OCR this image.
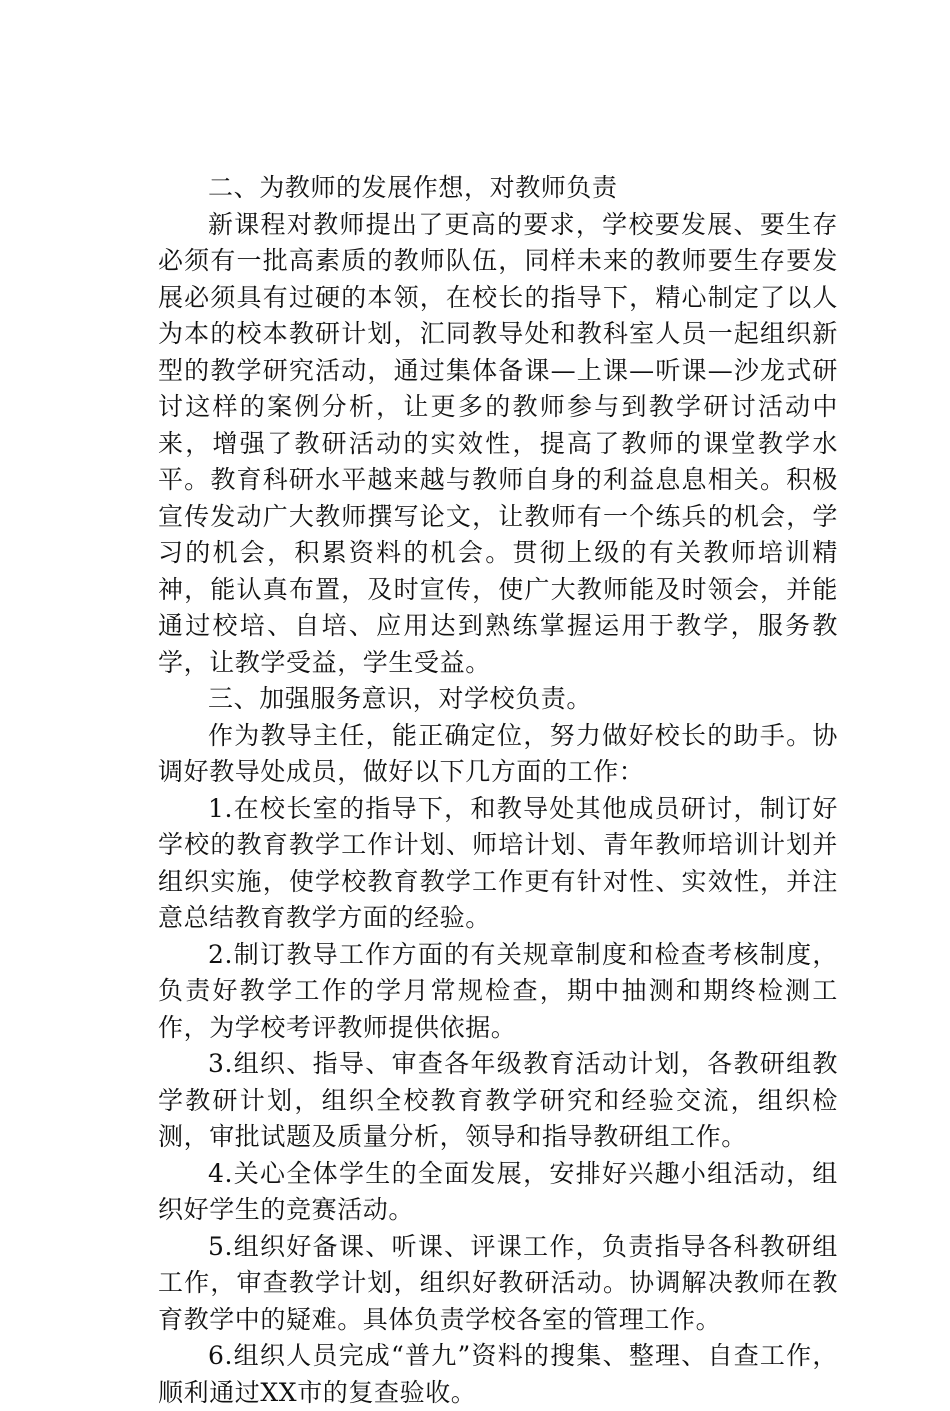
二、为教师的发展作想，对教师负责

新课程对教师提出了更高的要求，学校要发展、要生存必须有一批高素质的教师队伍，同样未来的教师要生存要发展必须具有过硬的本领，在校长的指导下，精心制定了以人为本的校本教研计划，汇同教导处和教科室人员一起组织新型的教学研究活动，通过集体备课—上课—听课—沙龙式研讨这样的案例分析，让更多的教师参与到教学研讨活动中来，增强了教研活动的实效性，提高了教师的课堂教学水平。教育科研水平越来越与教师自身的利益息息相关。积极宣传发动广大教师撰写论文，让教师有一个练兵的机会，学习的机会，积累资料的机会。贯彻上级的有关教师培训精神，能认真布置，及时宣传，使广大教师能及时领会，并能通过校培、自培、应用达到熟练掌握运用于教学，服务教学，让教学受益，学生受益。

三、加强服务意识，对学校负责。

作为教导主任，能正确定位，努力做好校长的助手。协调好教导处成员，做好以下几方面的工作：

1.在校长室的指导下，和教导处其他成员研讨，制订好学校的教育教学工作计划、师培计划、青年教师培训计划并组织实施，使学校教育教学工作更有针对性、实效性，并注意总结教育教学方面的经验。

2.制订教导工作方面的有关规章制度和检查考核制度，负责好教学工作的学月常规检查，期中抽测和期终检测工作，为学校考评教师提供依据。

3.组织、指导、审查各年级教育活动计划，各教研组教学教研计划，组织全校教育教学研究和经验交流，组织检测，审批试题及质量分析，领导和指导教研组工作。

4.关心全体学生的全面发展，安排好兴趣小组活动，组织好学生的竞赛活动。

5.组织好备课、听课、评课工作，负责指导各科教研组工作，审查教学计划，组织好教研活动。协调解决教师在教育教学中的疑难。具体负责学校各室的管理工作。

6.组织人员完成“普九”资料的搜集、整理、自查工作，顺利通过XX市的复查验收。
